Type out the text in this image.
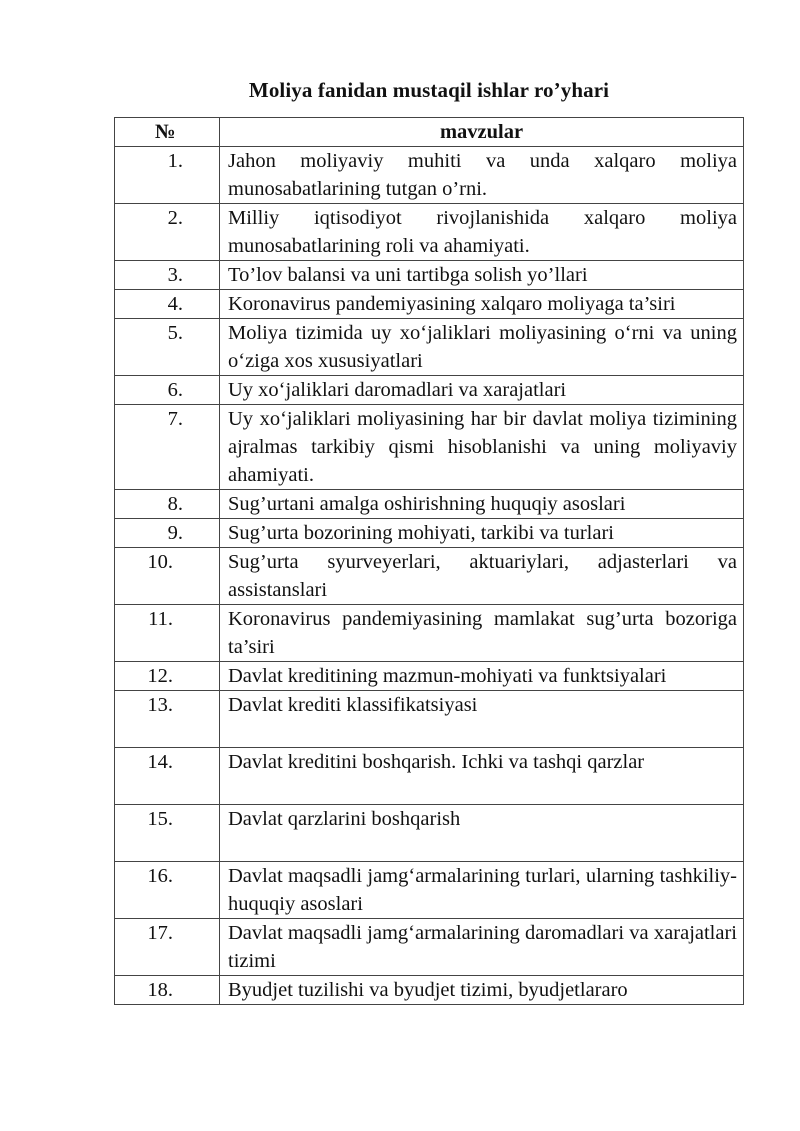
Moliya fanidan mustaqil ishlar ro’yhari
№	mavzular
1.	Jahon moliyaviy muhiti va unda xalqaro moliya munosabatlarining tutgan o’rni.
2.	Milliy iqtisodiyot rivojlanishida xalqaro moliya munosabatlarining roli va ahamiyati.
3.	To’lov balansi va uni tartibga solish yo’llari
4.	Koronavirus pandemiyasining xalqaro moliyaga ta’siri
5.	Moliya tizimida uy xo‘jaliklari moliyasining o‘rni va uning o‘ziga xos xususiyatlari
6.	Uy xo‘jaliklari daromadlari va xarajatlari
7.	Uy xo‘jaliklari moliyasining har bir davlat moliya tizimining ajralmas tarkibiy qismi hisoblanishi va uning moliyaviy ahamiyati.
8.	Sug’urtani amalga oshirishning huquqiy asoslari
9.	Sug’urta bozorining mohiyati, tarkibi va turlari
10.	Sug’urta syurveyerlari, aktuariylari, adjasterlari va assistanslari
11.	Koronavirus pandemiyasining mamlakat sug’urta bozoriga ta’siri
12.	Davlat kreditining mazmun-mohiyati va funktsiyalari
13.	Davlat krediti klassifikatsiyasi
14.	Davlat kreditini boshqarish. Ichki va tashqi qarzlar
15.	Davlat qarzlarini boshqarish
16.	Davlat maqsadli jamg‘armalarining turlari, ularning tashkiliy-huquqiy asoslari
17.	Davlat maqsadli jamg‘armalarining daromadlari va xarajatlari tizimi
18.	Byudjet tuzilishi va byudjet tizimi, byudjetlararo
